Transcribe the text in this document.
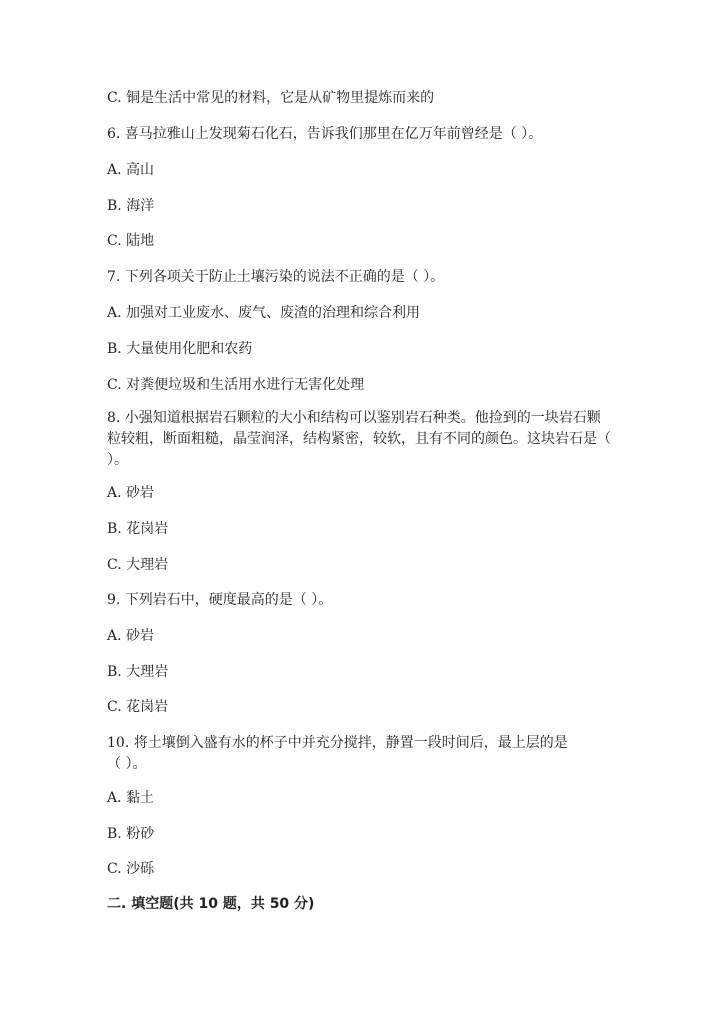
C. 铜是生活中常见的材料，它是从矿物里提炼而来的
6. 喜马拉雅山上发现菊石化石，告诉我们那里在亿万年前曾经是（ ）。
A. 高山
B. 海洋
C. 陆地
7. 下列各项关于防止土壤污染的说法不正确的是（ ）。
A. 加强对工业废水、废气、废渣的治理和综合利用
B. 大量使用化肥和农药
C. 对粪便垃圾和生活用水进行无害化处理
8. 小强知道根据岩石颗粒的大小和结构可以鉴别岩石种类。他捡到的一块岩石颗粒较粗，断面粗糙，晶莹润泽，结构紧密，较软，且有不同的颜色。这块岩石是（ ）。
A. 砂岩
B. 花岗岩
C. 大理岩
9. 下列岩石中，硬度最高的是（ ）。
A. 砂岩
B. 大理岩
C. 花岗岩
10. 将土壤倒入盛有水的杯子中并充分搅拌，静置一段时间后，最上层的是（ ）。
A. 黏土
B. 粉砂
C. 沙砾
二. 填空题(共 10 题，共 50 分)
